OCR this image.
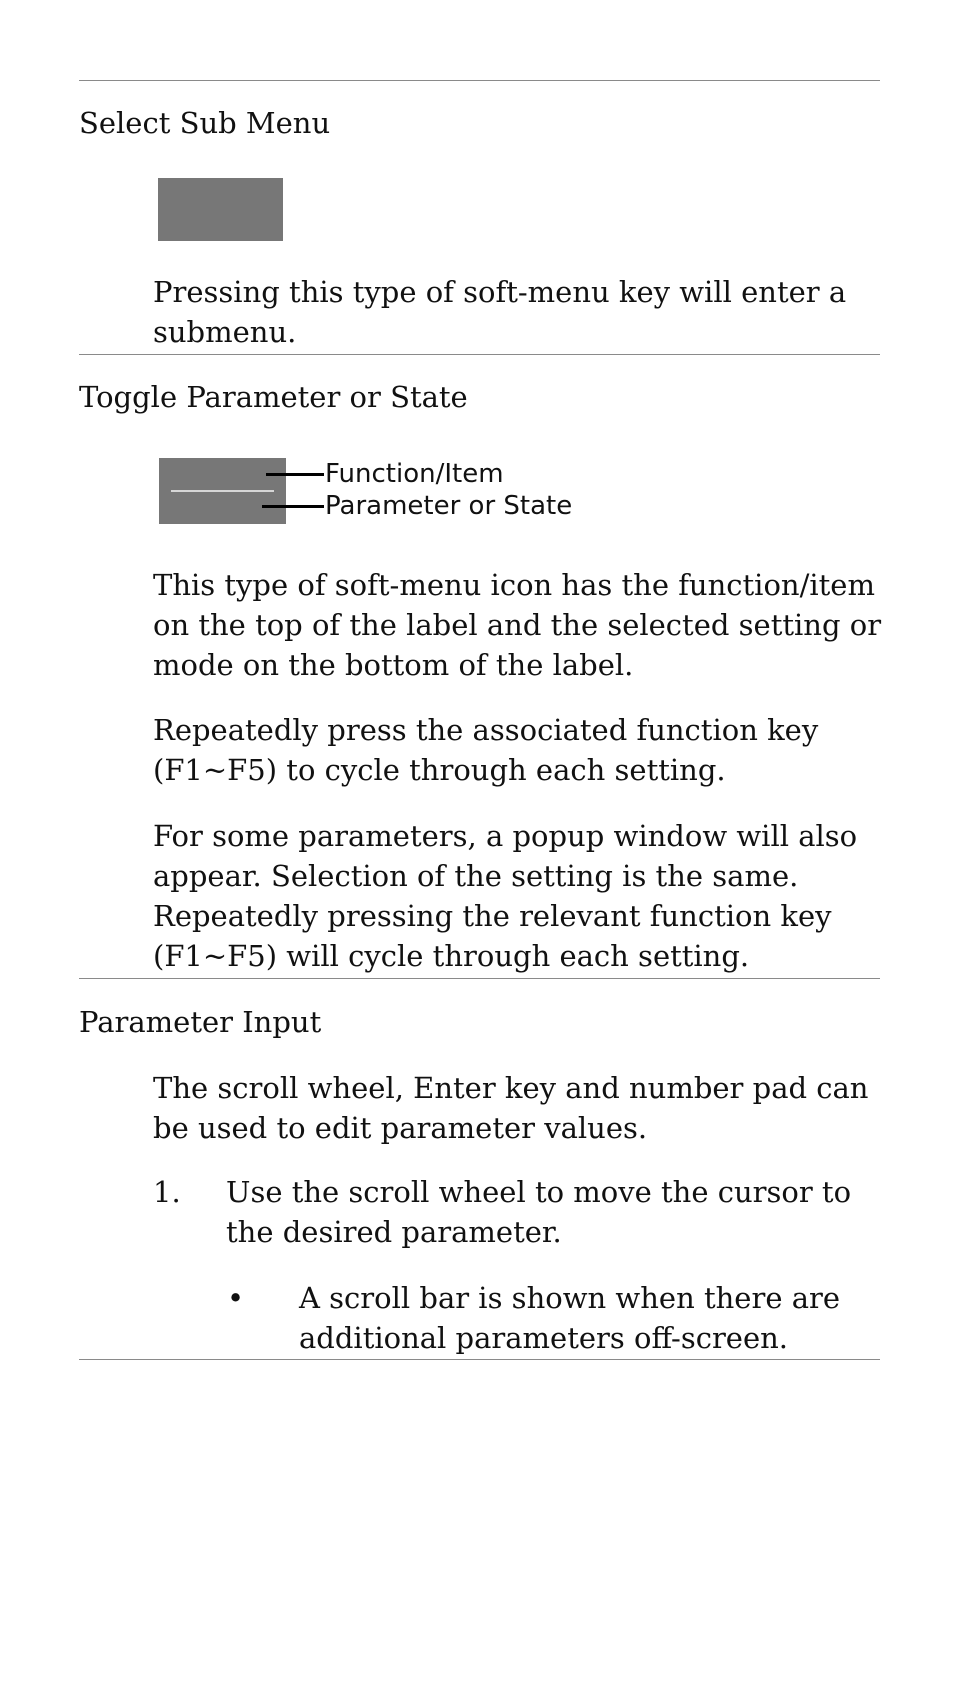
Select Sub Menu

Pressing this type of soft-menu key will enter a submenu.

Toggle Parameter or State
Function/Item
Parameter or State

This type of soft-menu icon has the function/item on the top of the label and the selected setting or mode on the bottom of the label.

Repeatedly press the associated function key (F1~F5) to cycle through each setting.

For some parameters, a popup window will also appear. Selection of the setting is the same. Repeatedly pressing the relevant function key (F1~F5) will cycle through each setting.

Parameter Input

The scroll wheel, Enter key and number pad can be used to edit parameter values.

1. Use the scroll wheel to move the cursor to the desired parameter.

• A scroll bar is shown when there are additional parameters off-screen.
